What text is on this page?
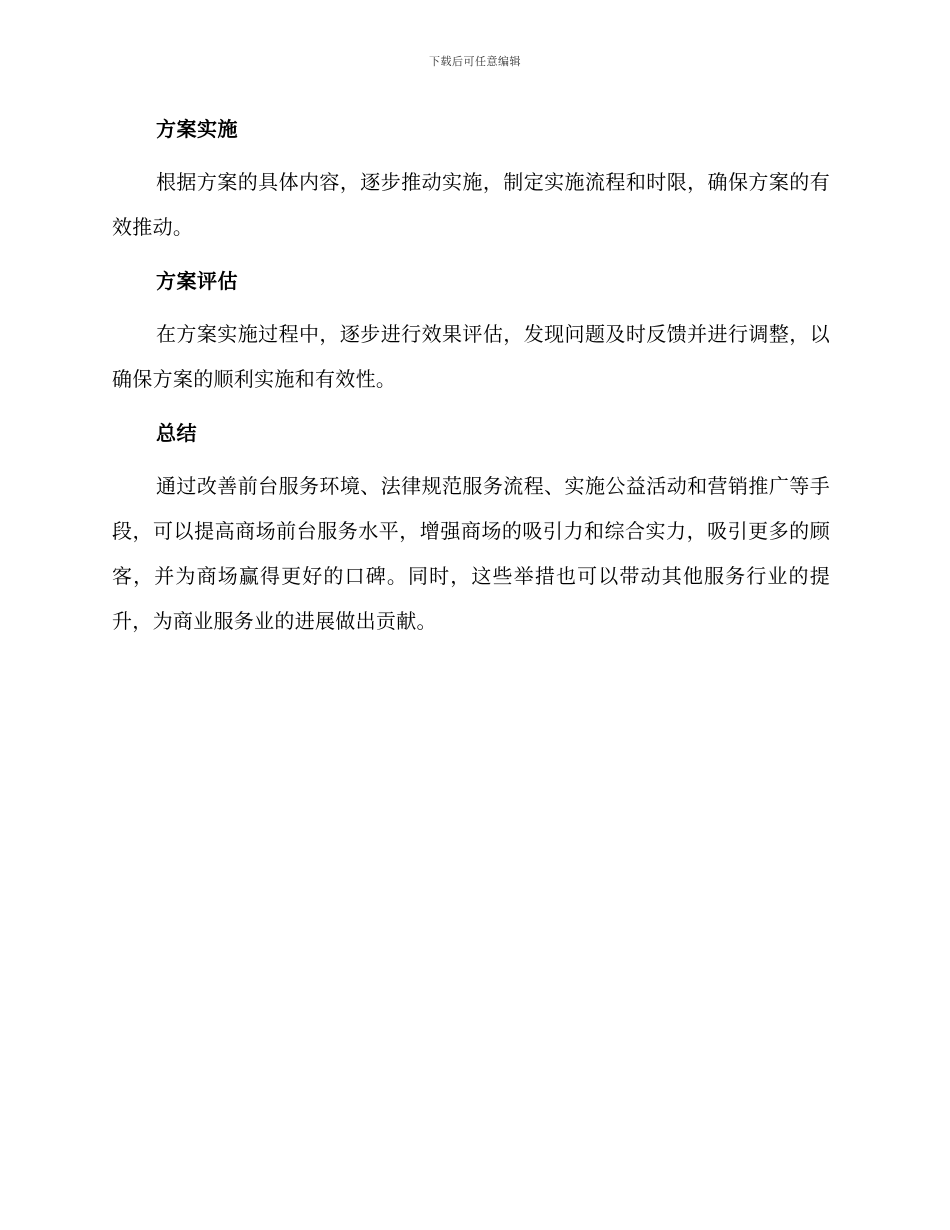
下载后可任意编辑
方案实施
根据方案的具体内容，逐步推动实施，制定实施流程和时限，确保方案的有效推动。
方案评估
在方案实施过程中，逐步进行效果评估，发现问题及时反馈并进行调整，以确保方案的顺利实施和有效性。
总结
通过改善前台服务环境、法律规范服务流程、实施公益活动和营销推广等手段，可以提高商场前台服务水平，增强商场的吸引力和综合实力，吸引更多的顾客，并为商场赢得更好的口碑。同时，这些举措也可以带动其他服务行业的提升，为商业服务业的进展做出贡献。
